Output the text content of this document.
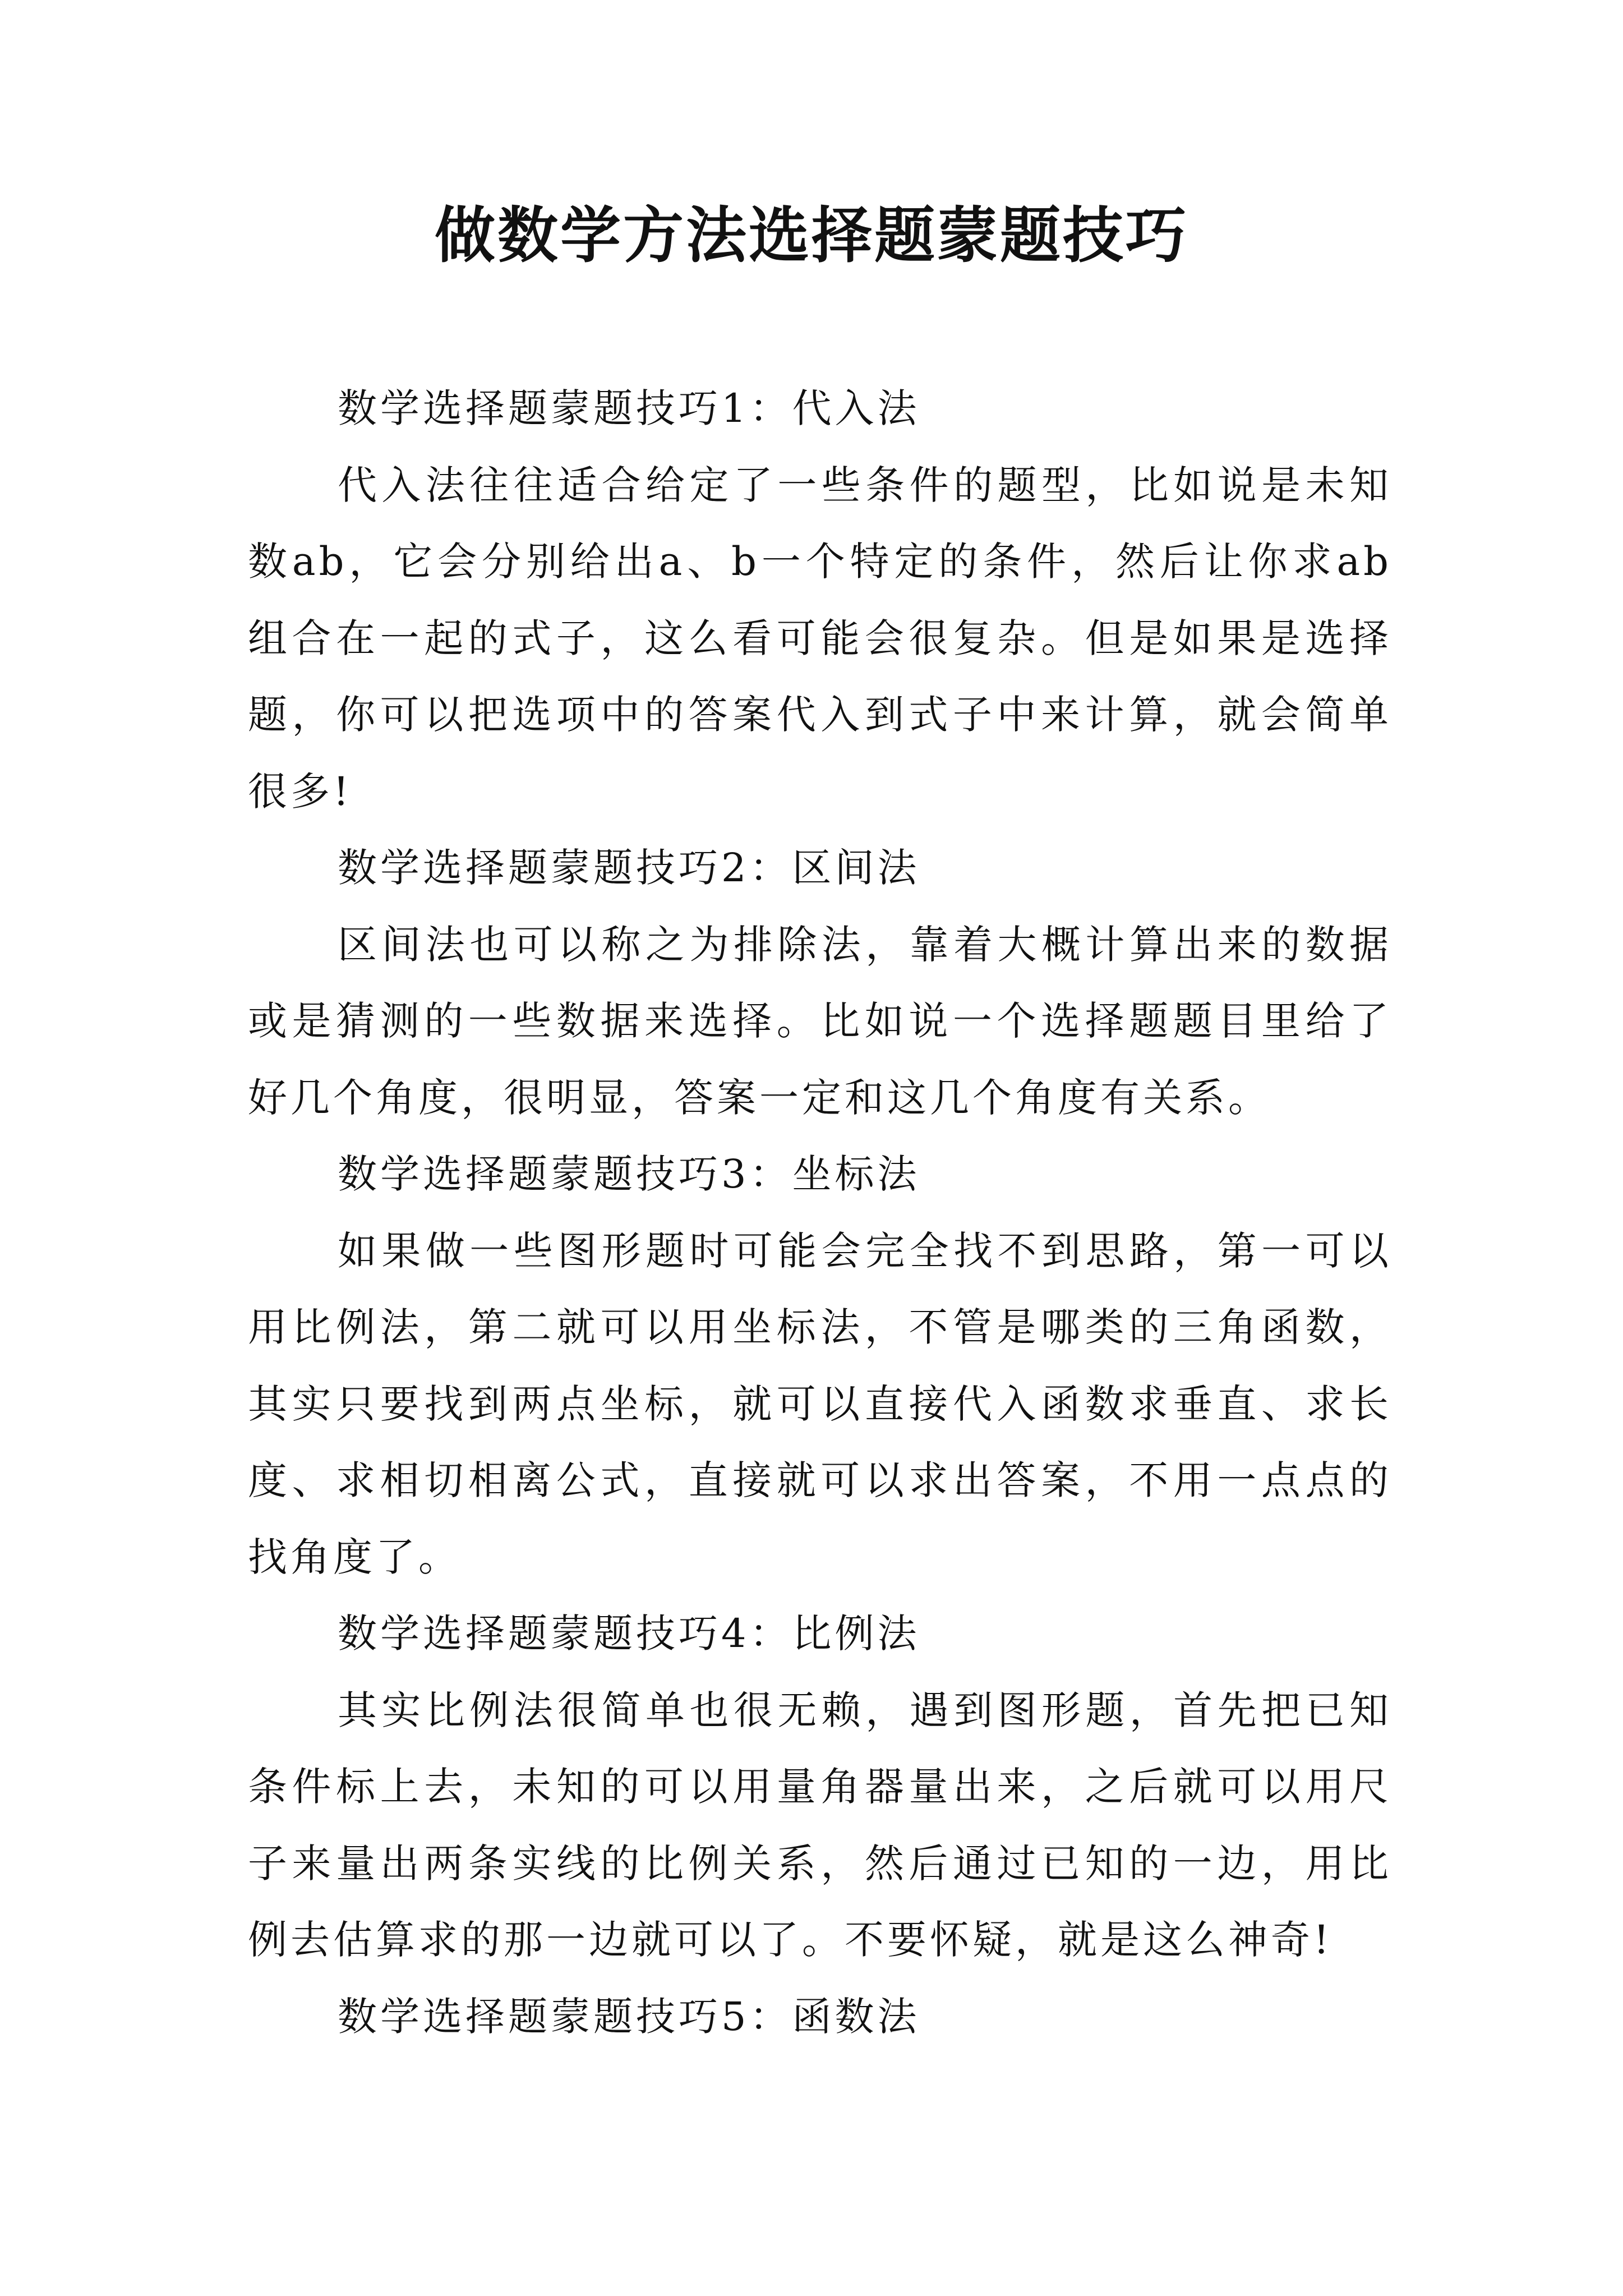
做数学方法选择题蒙题技巧

数学选择题蒙题技巧1：代入法

代入法往往适合给定了一些条件的题型，比如说是未知数ab，它会分别给出a、b一个特定的条件，然后让你求ab组合在一起的式子，这么看可能会很复杂。但是如果是选择题，你可以把选项中的答案代入到式子中来计算，就会简单很多!

数学选择题蒙题技巧2：区间法

区间法也可以称之为排除法，靠着大概计算出来的数据或是猜测的一些数据来选择。比如说一个选择题题目里给了好几个角度，很明显，答案一定和这几个角度有关系。

数学选择题蒙题技巧3：坐标法

如果做一些图形题时可能会完全找不到思路，第一可以用比例法，第二就可以用坐标法，不管是哪类的三角函数，其实只要找到两点坐标，就可以直接代入函数求垂直、求长度、求相切相离公式，直接就可以求出答案，不用一点点的找角度了。

数学选择题蒙题技巧4：比例法

其实比例法很简单也很无赖，遇到图形题，首先把已知条件标上去，未知的可以用量角器量出来，之后就可以用尺子来量出两条实线的比例关系，然后通过已知的一边，用比例去估算求的那一边就可以了。不要怀疑，就是这么神奇!

数学选择题蒙题技巧5：函数法
